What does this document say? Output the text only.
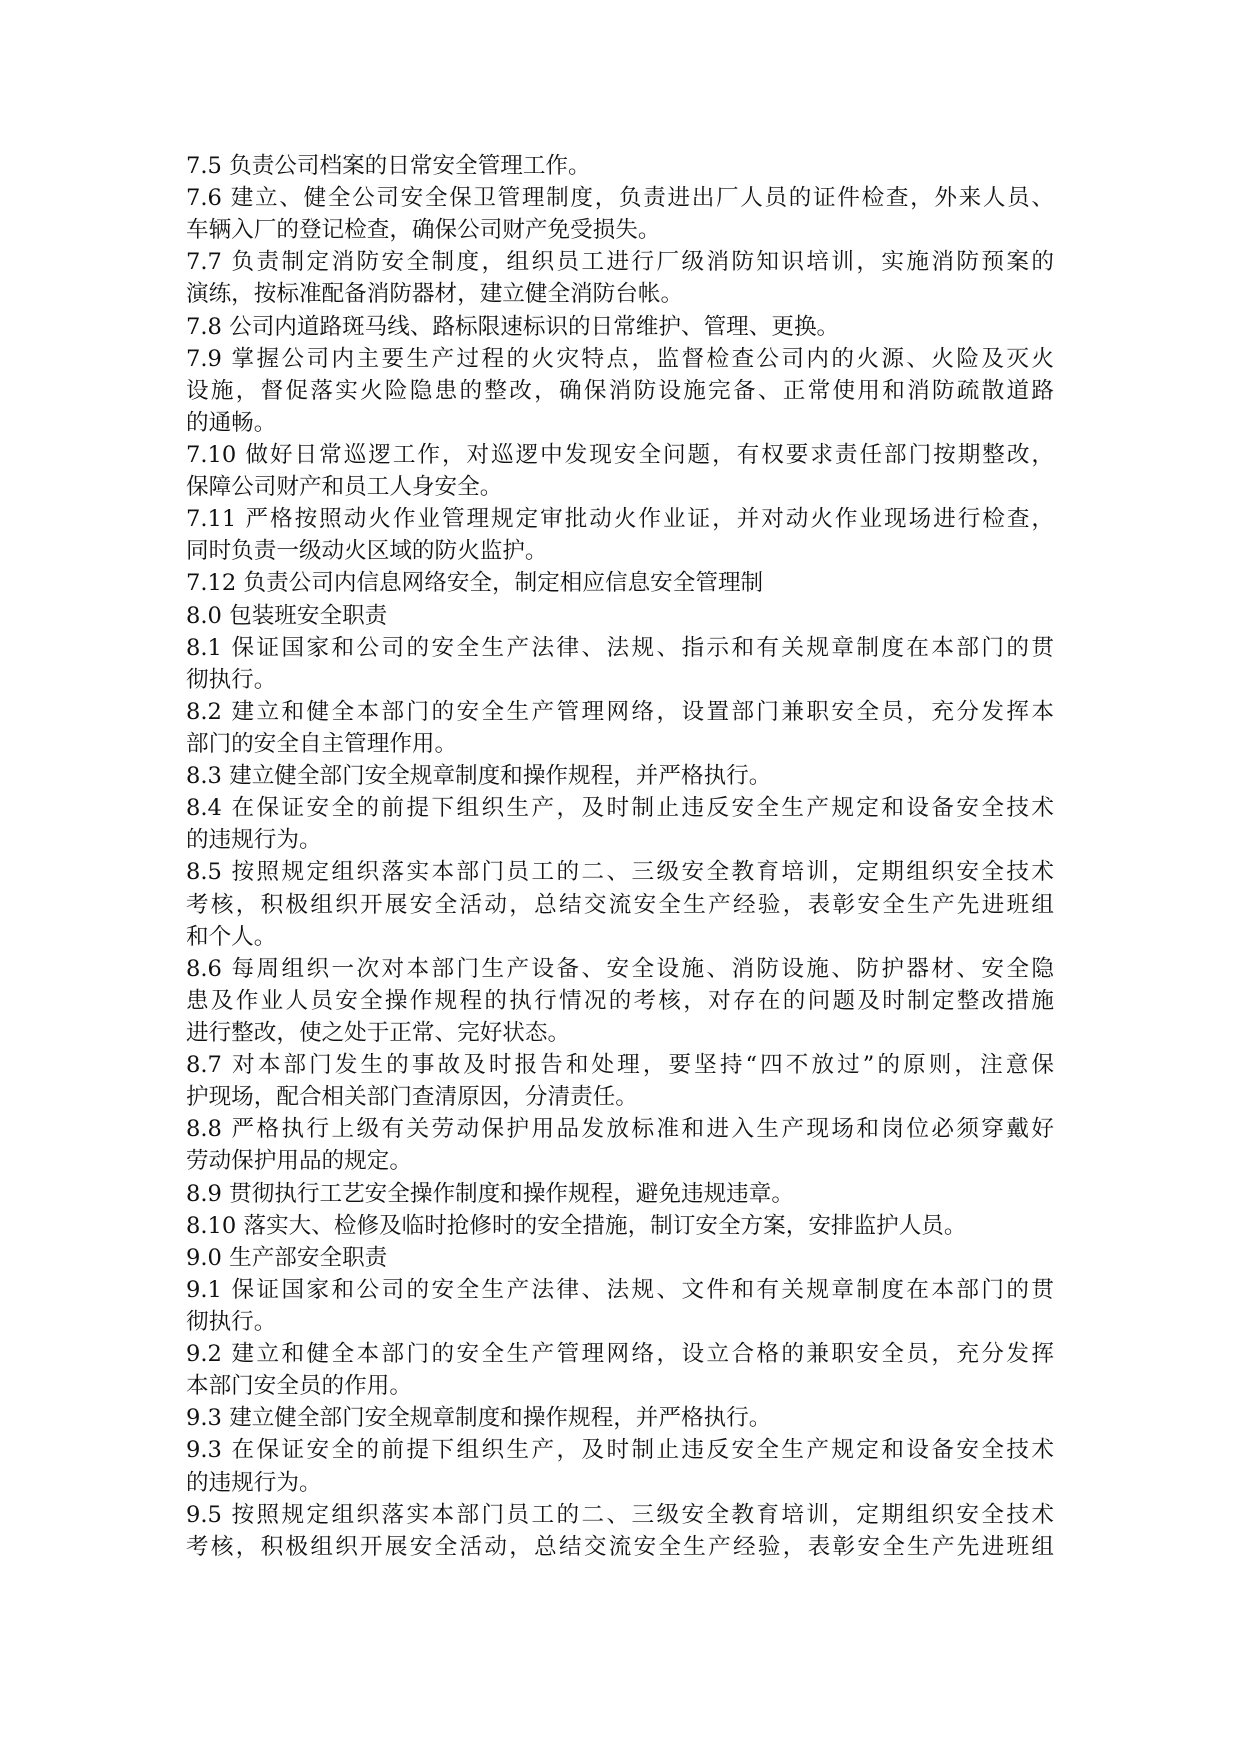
7.5 负责公司档案的日常安全管理工作。
7.6 建立、健全公司安全保卫管理制度，负责进出厂人员的证件检查，外来人员、
车辆入厂的登记检查，确保公司财产免受损失。
7.7 负责制定消防安全制度，组织员工进行厂级消防知识培训，实施消防预案的
演练，按标准配备消防器材，建立健全消防台帐。
7.8 公司内道路斑马线、路标限速标识的日常维护、管理、更换。
7.9 掌握公司内主要生产过程的火灾特点，监督检查公司内的火源、火险及灭火
设施，督促落实火险隐患的整改，确保消防设施完备、正常使用和消防疏散道路
的通畅。
7.10 做好日常巡逻工作，对巡逻中发现安全问题，有权要求责任部门按期整改，
保障公司财产和员工人身安全。
7.11 严格按照动火作业管理规定审批动火作业证，并对动火作业现场进行检查，
同时负责一级动火区域的防火监护。
7.12 负责公司内信息网络安全，制定相应信息安全管理制
8.0 包装班安全职责
8.1 保证国家和公司的安全生产法律、法规、指示和有关规章制度在本部门的贯
彻执行。
8.2 建立和健全本部门的安全生产管理网络，设置部门兼职安全员，充分发挥本
部门的安全自主管理作用。
8.3 建立健全部门安全规章制度和操作规程，并严格执行。
8.4 在保证安全的前提下组织生产，及时制止违反安全生产规定和设备安全技术
的违规行为。
8.5 按照规定组织落实本部门员工的二、三级安全教育培训，定期组织安全技术
考核，积极组织开展安全活动，总结交流安全生产经验，表彰安全生产先进班组
和个人。
8.6 每周组织一次对本部门生产设备、安全设施、消防设施、防护器材、安全隐
患及作业人员安全操作规程的执行情况的考核，对存在的问题及时制定整改措施
进行整改，使之处于正常、完好状态。
8.7 对本部门发生的事故及时报告和处理，要坚持“四不放过”的原则，注意保
护现场，配合相关部门查清原因，分清责任。
8.8 严格执行上级有关劳动保护用品发放标准和进入生产现场和岗位必须穿戴好
劳动保护用品的规定。
8.9 贯彻执行工艺安全操作制度和操作规程，避免违规违章。
8.10 落实大、检修及临时抢修时的安全措施，制订安全方案，安排监护人员。
9.0 生产部安全职责
9.1 保证国家和公司的安全生产法律、法规、文件和有关规章制度在本部门的贯
彻执行。
9.2 建立和健全本部门的安全生产管理网络，设立合格的兼职安全员，充分发挥
本部门安全员的作用。
9.3 建立健全部门安全规章制度和操作规程，并严格执行。
9.3 在保证安全的前提下组织生产，及时制止违反安全生产规定和设备安全技术
的违规行为。
9.5 按照规定组织落实本部门员工的二、三级安全教育培训，定期组织安全技术
考核，积极组织开展安全活动，总结交流安全生产经验，表彰安全生产先进班组
